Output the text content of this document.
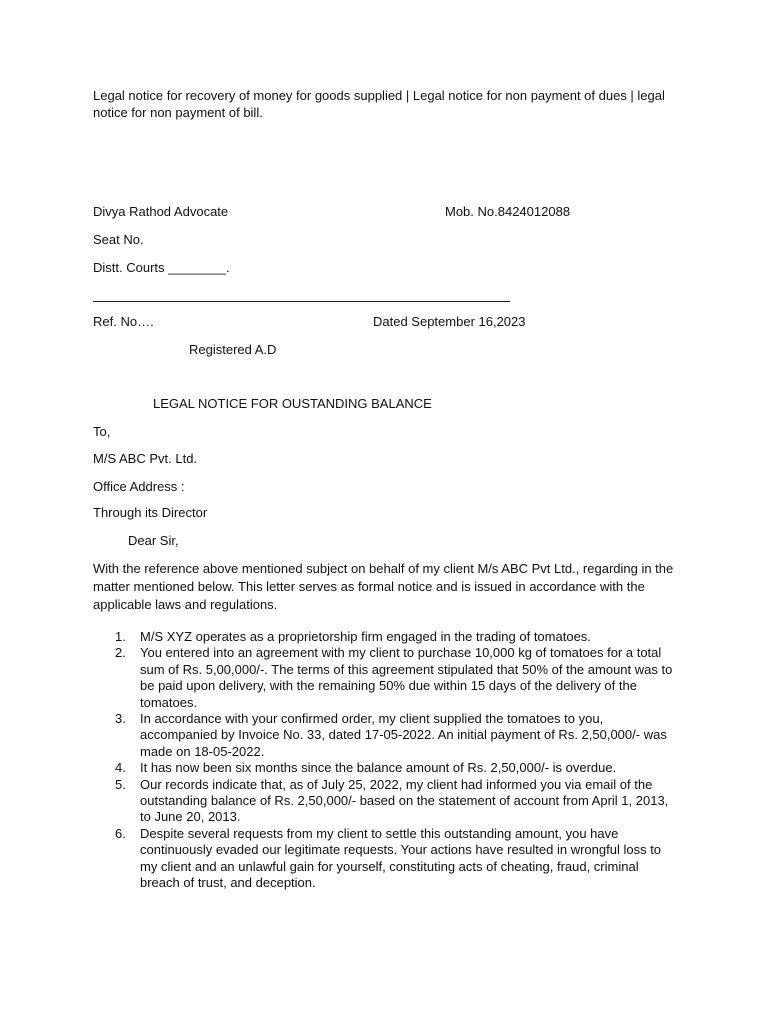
Legal notice for recovery of money for goods supplied | Legal notice for non payment of dues | legal notice for non payment of bill.
Divya Rathod Advocate	Mob. No.8424012088
Seat No.
Distt. Courts ________.
Ref. No….	Dated September 16,2023
Registered A.D
LEGAL NOTICE FOR OUSTANDING BALANCE
To,
M/S ABC Pvt. Ltd.
Office Address :
Through its Director
Dear Sir,
With the reference above mentioned subject on behalf of my client M/s ABC Pvt Ltd., regarding in the matter mentioned below. This letter serves as formal notice and is issued in accordance with the applicable laws and regulations.
1. M/S XYZ operates as a proprietorship firm engaged in the trading of tomatoes.
2. You entered into an agreement with my client to purchase 10,000 kg of tomatoes for a total sum of Rs. 5,00,000/-. The terms of this agreement stipulated that 50% of the amount was to be paid upon delivery, with the remaining 50% due within 15 days of the delivery of the tomatoes.
3. In accordance with your confirmed order, my client supplied the tomatoes to you, accompanied by Invoice No. 33, dated 17-05-2022. An initial payment of Rs. 2,50,000/- was made on 18-05-2022.
4. It has now been six months since the balance amount of Rs. 2,50,000/- is overdue.
5. Our records indicate that, as of July 25, 2022, my client had informed you via email of the outstanding balance of Rs. 2,50,000/- based on the statement of account from April 1, 2013, to June 20, 2013.
6. Despite several requests from my client to settle this outstanding amount, you have continuously evaded our legitimate requests. Your actions have resulted in wrongful loss to my client and an unlawful gain for yourself, constituting acts of cheating, fraud, criminal breach of trust, and deception.
